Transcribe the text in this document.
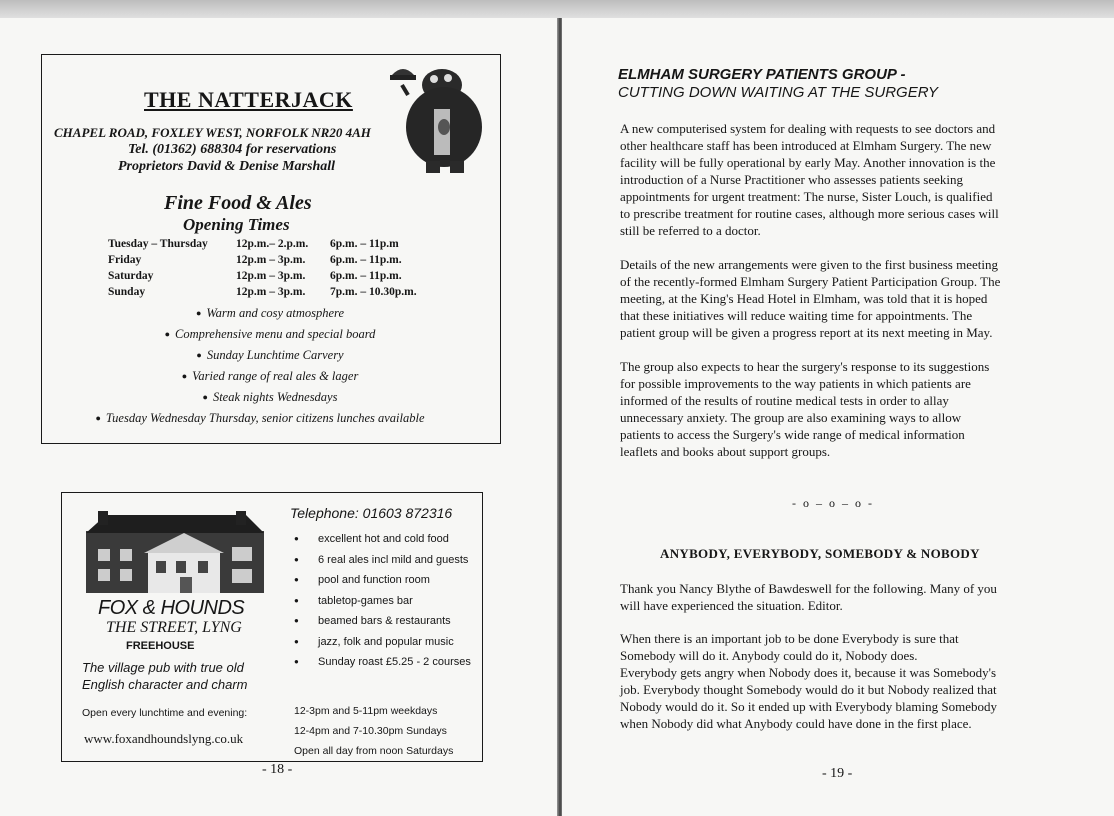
THE NATTERJACK
CHAPEL ROAD, FOXLEY WEST, NORFOLK NR20 4AH
Tel. (01362) 688304 for reservations
Proprietors David & Denise Marshall
Fine Food & Ales
Opening Times
Tuesday – Thursday	12p.m.– 2.p.m.	6p.m. – 11p.m
Friday	12p.m – 3p.m.	6p.m. – 11p.m.
Saturday	12p.m – 3p.m.	6p.m. – 11p.m.
Sunday	12p.m – 3p.m.	7p.m. – 10.30p.m.
● Warm and cosy atmosphere
● Comprehensive menu and special board
● Sunday Lunchtime Carvery
● Varied range of real ales & lager
● Steak nights Wednesdays
● Tuesday Wednesday Thursday, senior citizens lunches available
Telephone: 01603 872316
● excellent hot and cold food
● 6 real ales incl mild and guests
● pool and function room
● tabletop-games bar
● beamed bars & restaurants
● jazz, folk and popular music
● Sunday roast £5.25 - 2 courses
FOX & HOUNDS
THE STREET, LYNG
FREEHOUSE
The village pub with true old
English character and charm
Open every lunchtime and evening:
www.foxandhoundslyng.co.uk
12-3pm and 5-11pm weekdays
12-4pm and 7-10.30pm Sundays
Open all day from noon Saturdays
- 18 -
ELMHAM SURGERY PATIENTS GROUP -
CUTTING DOWN WAITING AT THE SURGERY

A new computerised system for dealing with requests to see doctors and
other healthcare staff has been introduced at Elmham Surgery. The new
facility will be fully operational by early May. Another innovation is the
introduction of a Nurse Practitioner who assesses patients seeking
appointments for urgent treatment: The nurse, Sister Louch, is qualified
to prescribe treatment for routine cases, although more serious cases will
still be referred to a doctor.

Details of the new arrangements were given to the first business meeting
of the recently-formed Elmham Surgery Patient Participation Group. The
meeting, at the King's Head Hotel in Elmham, was told that it is hoped
that these initiatives will reduce waiting time for appointments. The
patient group will be given a progress report at its next meeting in May.

The group also expects to hear the surgery's response to its suggestions
for possible improvements to the way patients in which patients are
informed of the results of routine medical tests in order to allay
unnecessary anxiety. The group are also examining ways to allow
patients to access the Surgery's wide range of medical information
leaflets and books about support groups.

- o – o – o -
ANYBODY, EVERYBODY, SOMEBODY & NOBODY

Thank you Nancy Blythe of Bawdeswell for the following. Many of you
will have experienced the situation. Editor.

When there is an important job to be done Everybody is sure that
Somebody will do it. Anybody could do it, Nobody does.
Everybody gets angry when Nobody does it, because it was Somebody's
job. Everybody thought Somebody would do it but Nobody realized that
Nobody would do it. So it ended up with Everybody blaming Somebody
when Nobody did what Anybody could have done in the first place.

- 19 -
